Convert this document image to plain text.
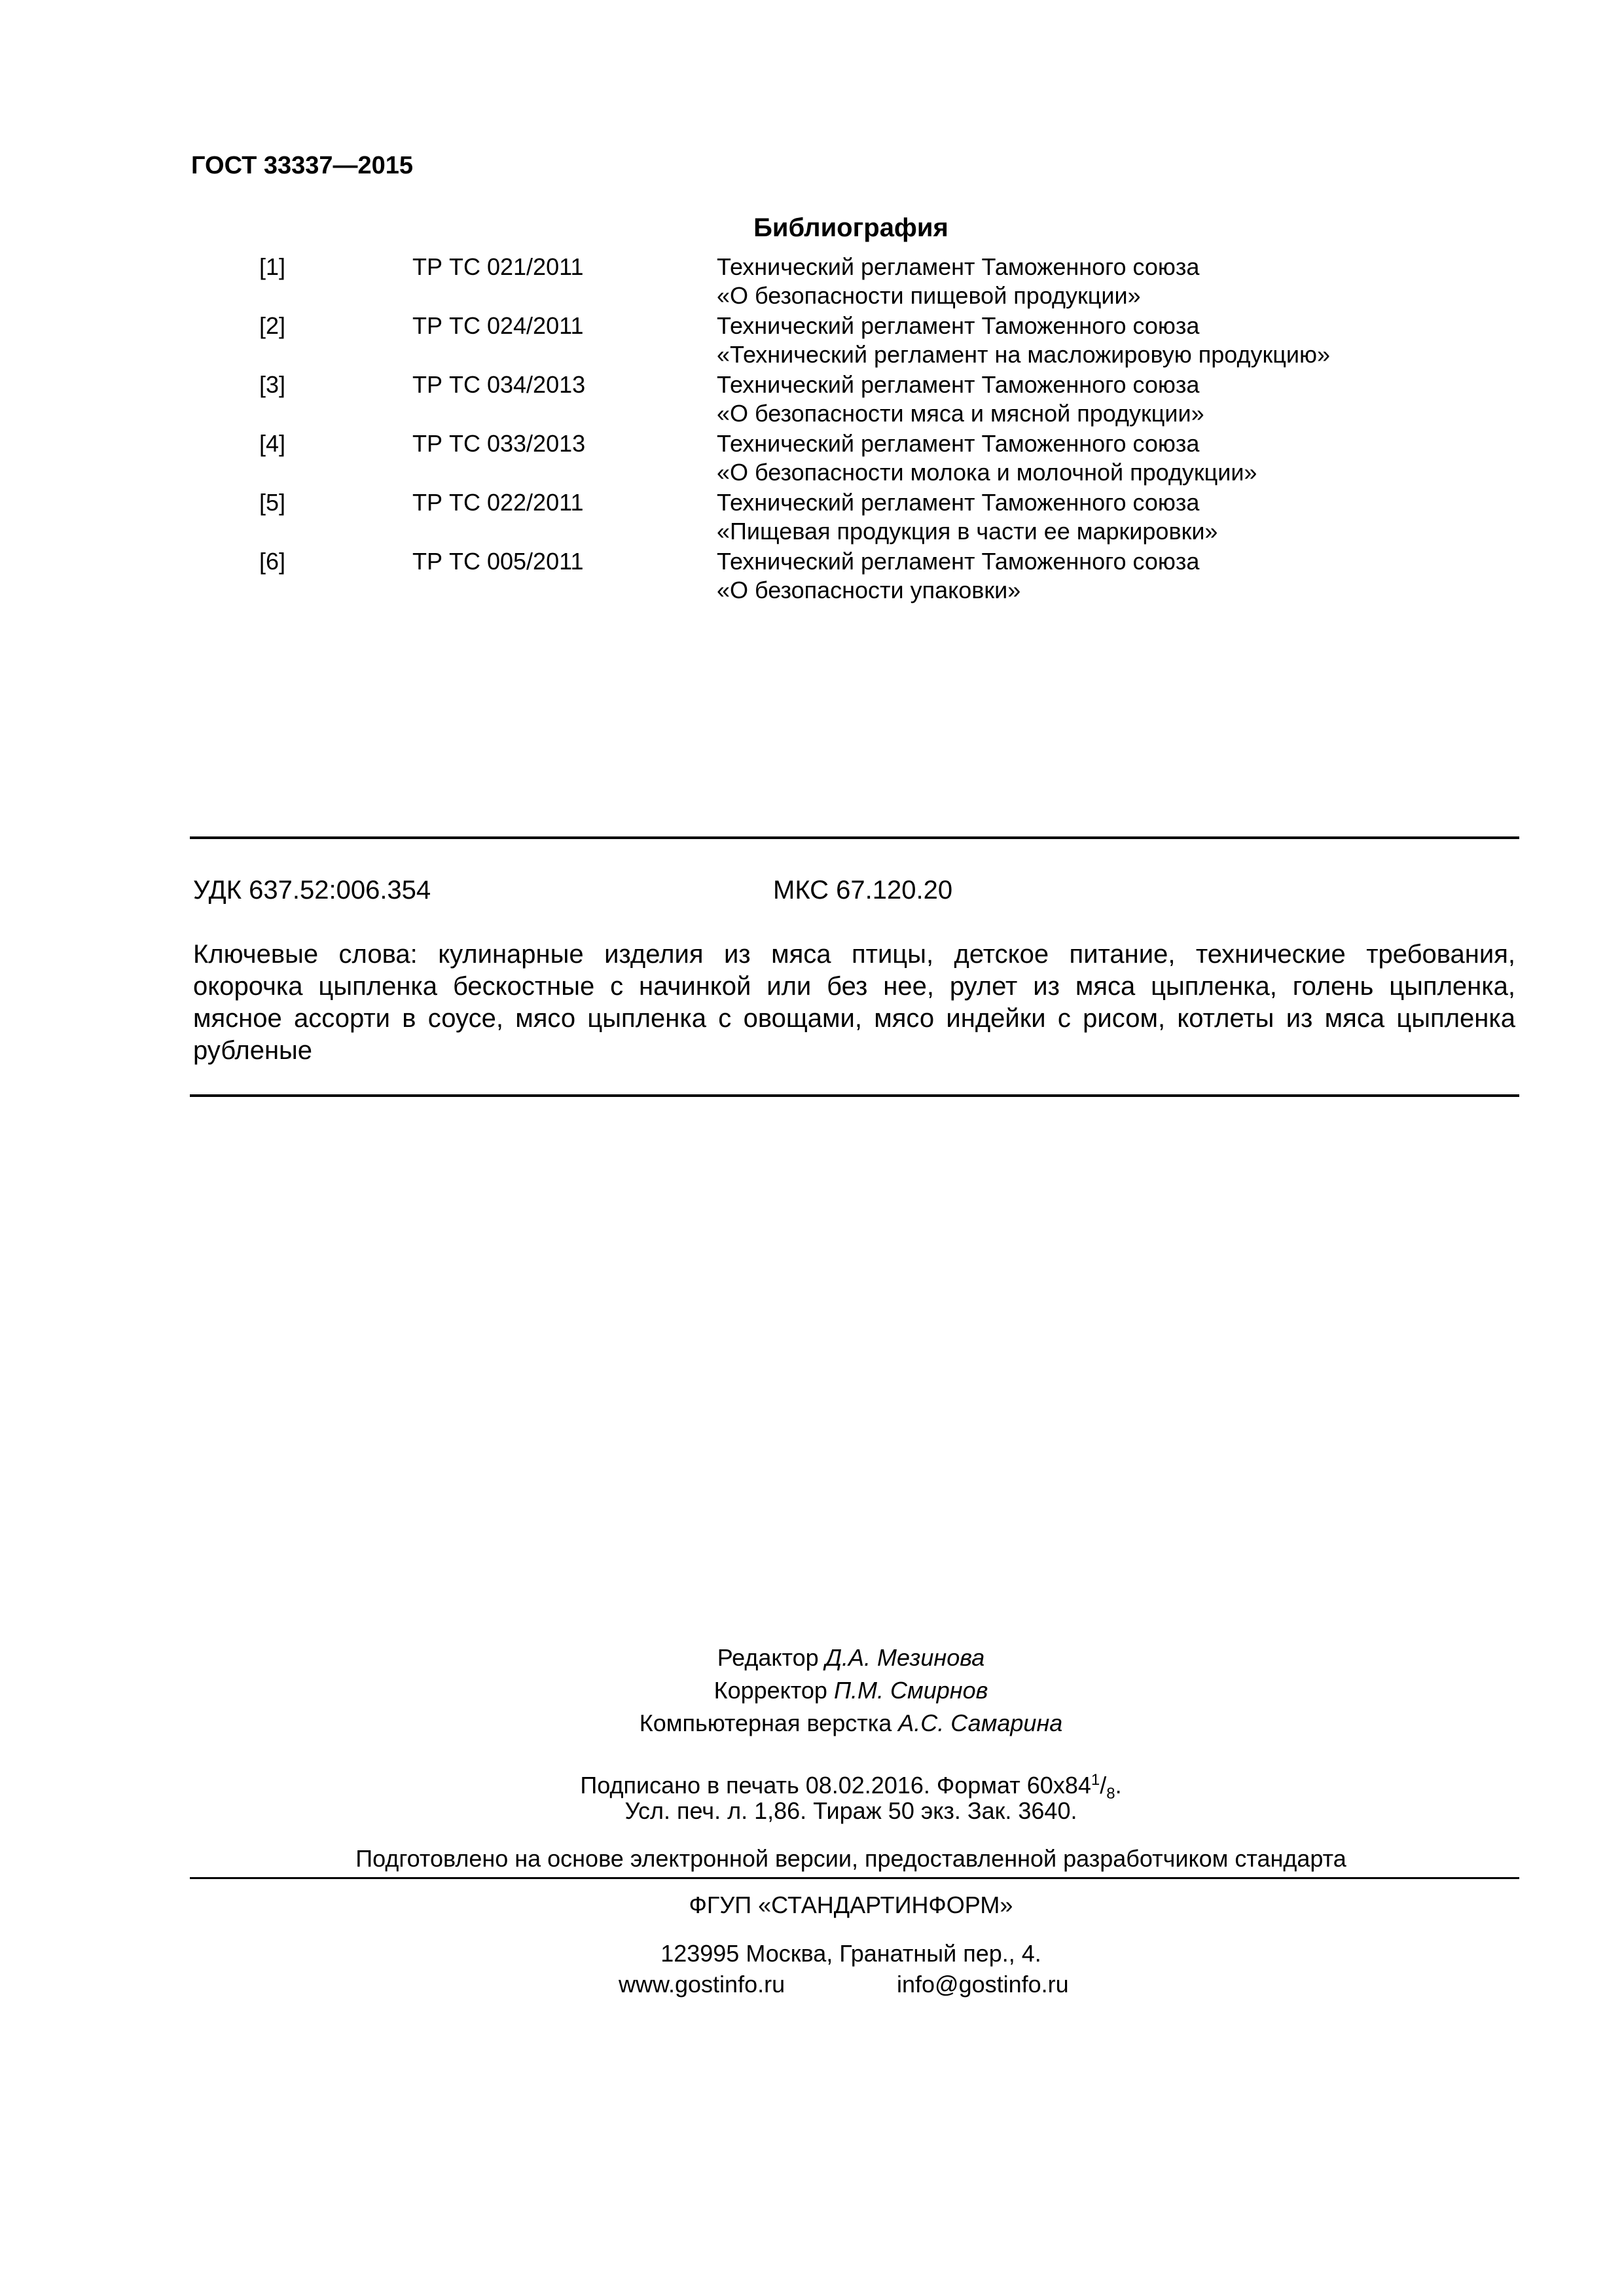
ГОСТ 33337—2015
Библиография
[1]	ТР ТС 021/2011	Технический регламент Таможенного союза
«О безопасности пищевой продукции»
[2]	ТР ТС 024/2011	Технический регламент Таможенного союза
«Технический регламент на масложировую продукцию»
[3]	ТР ТС 034/2013	Технический регламент Таможенного союза
«О безопасности мяса и мясной продукции»
[4]	ТР ТС 033/2013	Технический регламент Таможенного союза
«О безопасности молока и молочной продукции»
[5]	ТР ТС 022/2011	Технический регламент Таможенного союза
«Пищевая продукция в части ее маркировки»
[6]	ТР ТС 005/2011	Технический регламент Таможенного союза
«О безопасности упаковки»
УДК 637.52:006.354	МКС 67.120.20
Ключевые слова: кулинарные изделия из мяса птицы, детское питание, технические требования,
окорочка цыпленка бескостные с начинкой или без нее, рулет из мяса цыпленка, голень цыпленка,
мясное ассорти в соусе, мясо цыпленка с овощами, мясо индейки с рисом, котлеты из мяса цыпленка
рубленые
Редактор Д.А. Мезинова
Корректор П.М. Смирнов
Компьютерная верстка А.С. Самарина
Подписано в печать 08.02.2016. Формат $60x84^1/_8$.
Усл. печ. л. 1,86. Тираж 50 экз. Зак. 3640.
Подготовлено на основе электронной версии, предоставленной разработчиком стандарта
ФГУП «СТАНДАРТИНФОРМ»
123995 Москва, Гранатный пер., 4.
www.gostinfo.ru	info@gostinfo.ru
